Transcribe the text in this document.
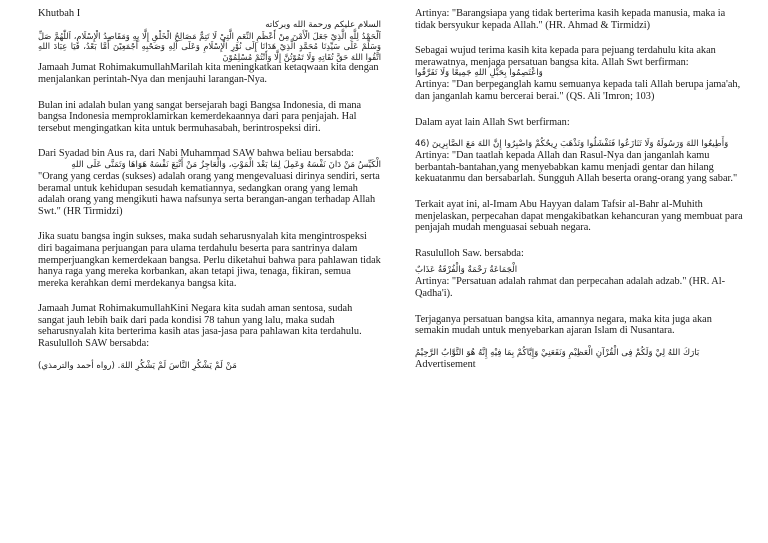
Khutbah I

السلام عليكم ورحمة الله وبركاته

اَلْحَمْدُ لِلَّهِ الَّذِيْ جَعَلَ الْأَمْنَ مِنْ أَعْظَمِ النِّعَمِ الَّتِيْ لَا تَتِمُّ مَصَالِحُ الْخَلْقِ إِلَّا بِهِ وَمَقَاصِدُ الْإِسْلَامِ، اَللّٰهُمَّ صَلِّ وَسَلِّمْ عَلَى سَيِّدِنَا مُحَمَّدٍ الَّذِيْ هَدَانَا إِلَى نُوْرِ الْإِسْلَامِ وَعَلَى آلِهِ وَصَحْبِهِ أَجْمَعِيْنَ أَمَّا بَعْدُ، فَيَا عِبَادَ اللهِ اتَّقُوا اللهَ حَقَّ تُقَاتِهِ وَلَا تَمُوْتُنَّ إِلَّا وَأَنْتُمْ مُسْلِمُوْنَ

Jamaah Jumat RohimakumullahMarilah kita meningkatkan ketaqwaan kita dengan menjalankan perintah-Nya dan menjauhi larangan-Nya.

Bulan ini adalah bulan yang sangat bersejarah bagi Bangsa Indonesia, di mana bangsa Indonesia memproklamirkan kemerdekaannya dari para penjajah. Hal tersebut mengingatkan kita untuk bermuhasabah, berintrospeksi diri.

Dari Syadad bin Aus ra, dari Nabi Muhammad SAW bahwa beliau bersabda:

الْكَيِّسُ مَنْ دَانَ نَفْسَهُ وَعَمِلَ لِمَا بَعْدَ الْمَوْتِ، وَالْعَاجِزُ مَنْ أَتْبَعَ نَفْسَهُ هَوَاهَا وَتَمَنَّى عَلَى اللهِ

"Orang yang cerdas (sukses) adalah orang yang mengevaluasi dirinya sendiri, serta beramal untuk kehidupan sesudah kematiannya, sedangkan orang yang lemah adalah orang yang mengikuti hawa nafsunya serta berangan-angan terhadap Allah Swt." (HR Tirmidzi)

Jika suatu bangsa ingin sukses, maka sudah seharusnyalah kita mengintrospeksi diri bagaimana perjuangan para ulama terdahulu beserta para santrinya dalam memperjuangkan kemerdekaan bangsa. Perlu diketahui bahwa para pahlawan tidak hanya raga yang mereka korbankan, akan tetapi jiwa, tenaga, fikiran, semua mereka kerahkan demi merdekanya bangsa kita.

Jamaah Jumat RohimakumullahKini Negara kita sudah aman sentosa, sudah sangat jauh lebih baik dari pada kondisi 78 tahun yang lalu, maka sudah seharusnyalah kita berterima kasih atas jasa-jasa para pahlawan kita terdahulu. Rasululloh SAW bersabda:

مَنْ لَمْ يَشْكُرِ النَّاسَ لَمْ يَشْكُرِ اللهَ. (رواه أحمد والترمذي)

Artinya: "Barangsiapa yang tidak berterima kasih kepada manusia, maka ia tidak bersyukur kepada Allah." (HR. Ahmad & Tirmidzi)

Sebagai wujud terima kasih kita kepada para pejuang terdahulu kita akan merawatnya, menjaga persatuan bangsa kita. Allah Swt berfirman:

وَاعْتَصِمُوا بِحَبْلِ اللهِ جَمِيعًا وَلَا تَفَرَّقُوا

Artinya: "Dan berpeganglah kamu semuanya kepada tali Allah berupa jama'ah, dan janganlah kamu bercerai berai." (QS. Ali 'Imron; 103)

Dalam ayat lain Allah Swt berfirman:

وَأَطِيعُوا اللهَ وَرَسُولَهُ وَلَا تَنَازَعُوا فَتَفْشَلُوا وَتَذْهَبَ رِيحُكُمْ وَاصْبِرُوا إِنَّ اللهَ مَعَ الصَّابِرِينَ (46

Artinya: "Dan taatlah kepada Allah dan Rasul-Nya dan janganlah kamu berbantah-bantahan,yang menyebabkan kamu menjadi gentar dan hilang kekuatanmu dan bersabarlah. Sungguh Allah beserta orang-orang yang sabar."

Terkait ayat ini, al-Imam Abu Hayyan dalam Tafsir al-Bahr al-Muhith menjelaskan, perpecahan dapat mengakibatkan kehancuran yang membuat para penjajah mudah menguasai sebuah negara.

Rasululloh Saw. bersabda:

الْجَمَاعَةُ رَحْمَةٌ وَالْفُرْقَةُ عَذَابٌ

Artinya: "Persatuan adalah rahmat dan perpecahan adalah adzab." (HR. Al-Qadha'i).

Terjaganya persatuan bangsa kita, amannya negara, maka kita juga akan semakin mudah untuk menyebarkan ajaran Islam di Nusantara.

بَارَكَ اللهُ لِيْ وَلَكُمْ فِى الْقُرْآنِ الْعَظِيْمِ وَنَفَعَنِيْ وَإِيَّاكُمْ بِمَا فِيْهِ إِنَّهُ هُوَ التَّوَّابُ الرَّحِيْمُ

Advertisement
